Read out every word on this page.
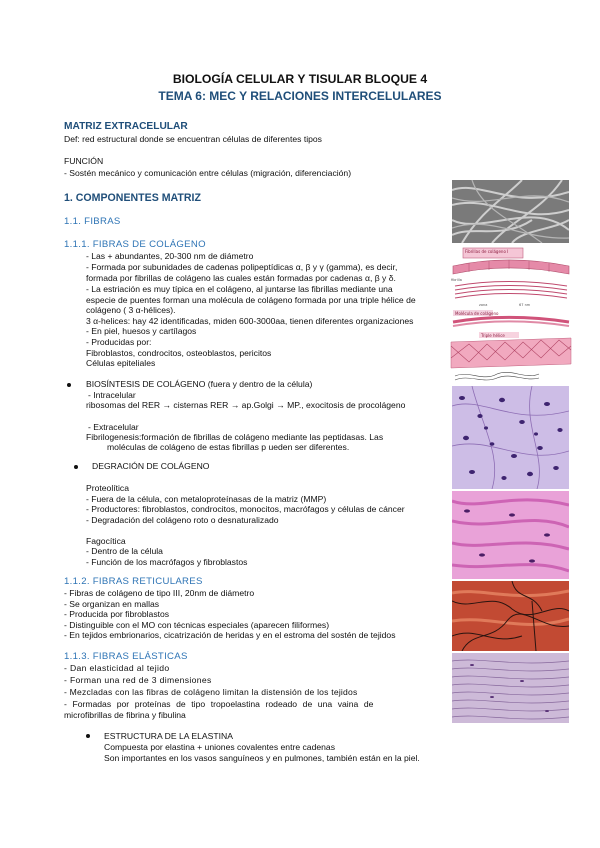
BIOLOGÍA CELULAR Y TISULAR BLOQUE 4
TEMA 6: MEC Y RELACIONES INTERCELULARES
MATRIZ EXTRACELULAR
Def: red estructural donde se encuentran células de diferentes tipos
FUNCIÓN
- Sostén mecánico y comunicación entre células (migración, diferenciación)
1. COMPONENTES MATRIZ
1.1. FIBRAS
1.1.1. FIBRAS DE COLÁGENO
- Las + abundantes, 20-300 nm de diámetro
- Formada por subunidades de cadenas polipeptídicas α, β y γ (gamma), es decir,
formada por fibrillas de colágeno las cuales están formadas por cadenas α, β y δ.
- La estriación es muy típica en el colágeno, al juntarse las fibrillas mediante una
especie de puentes forman una molécula de colágeno formada por una triple hélice de
colágeno ( 3 α-hélices).
3 α-helices: hay 42 identificadas, miden 600-3000aa, tienen diferentes organizaciones
- En piel, huesos y cartílagos
- Producidas por:
Fibroblastos, condrocitos, osteoblastos, pericitos
Células epiteliales
BIOSÍNTESIS DE COLÁGENO (fuera y dentro de la célula)
- Intracelular
ribosomas del RER → cisternas RER → ap.Golgi → MP., exocitosis de procolágeno
- Extracelular
Fibrilogenesis:formación de fibrillas de colágeno mediante las peptidasas. Las
moléculas de colágeno de estas fibrillas p ueden ser diferentes.
DEGRACIÓN DE COLÁGENO
Proteolítica
- Fuera de la célula, con metaloproteínasas de la matriz (MMP)
- Productores: fibroblastos, condrocitos, monocitos, macrófagos y células de cáncer
- Degradación del colágeno roto o desnaturalizado
Fagocítica
- Dentro de la célula
- Función de los macrófagos y fibroblastos
1.1.2. FIBRAS RETICULARES
- Fibras de colágeno de tipo III, 20nm de diámetro
- Se organizan en mallas
- Producida por fibroblastos
- Distinguible con el MO con técnicas especiales (aparecen filiformes)
- En tejidos embrionarios, cicatrización de heridas y en el estroma del sostén de tejidos
1.1.3. FIBRAS ELÁSTICAS
- Dan elasticidad al tejido
- Forman una red de 3 dimensiones
- Mezcladas con las fibras de colágeno limitan la distensión de los tejidos
- Formadas por proteínas de tipo tropoelastina rodeado de una vaina de
microfibrillas de fibrina y fibulina
ESTRUCTURA DE LA ELASTINA
Compuesta por elastina + uniones covalentes entre cadenas
Son importantes en los vasos sanguíneos y en pulmones, también están en la piel.
fibrilla
67 nm
zona
Fibrillas de colágeno I
Molécula de colágeno
Triple hélice
